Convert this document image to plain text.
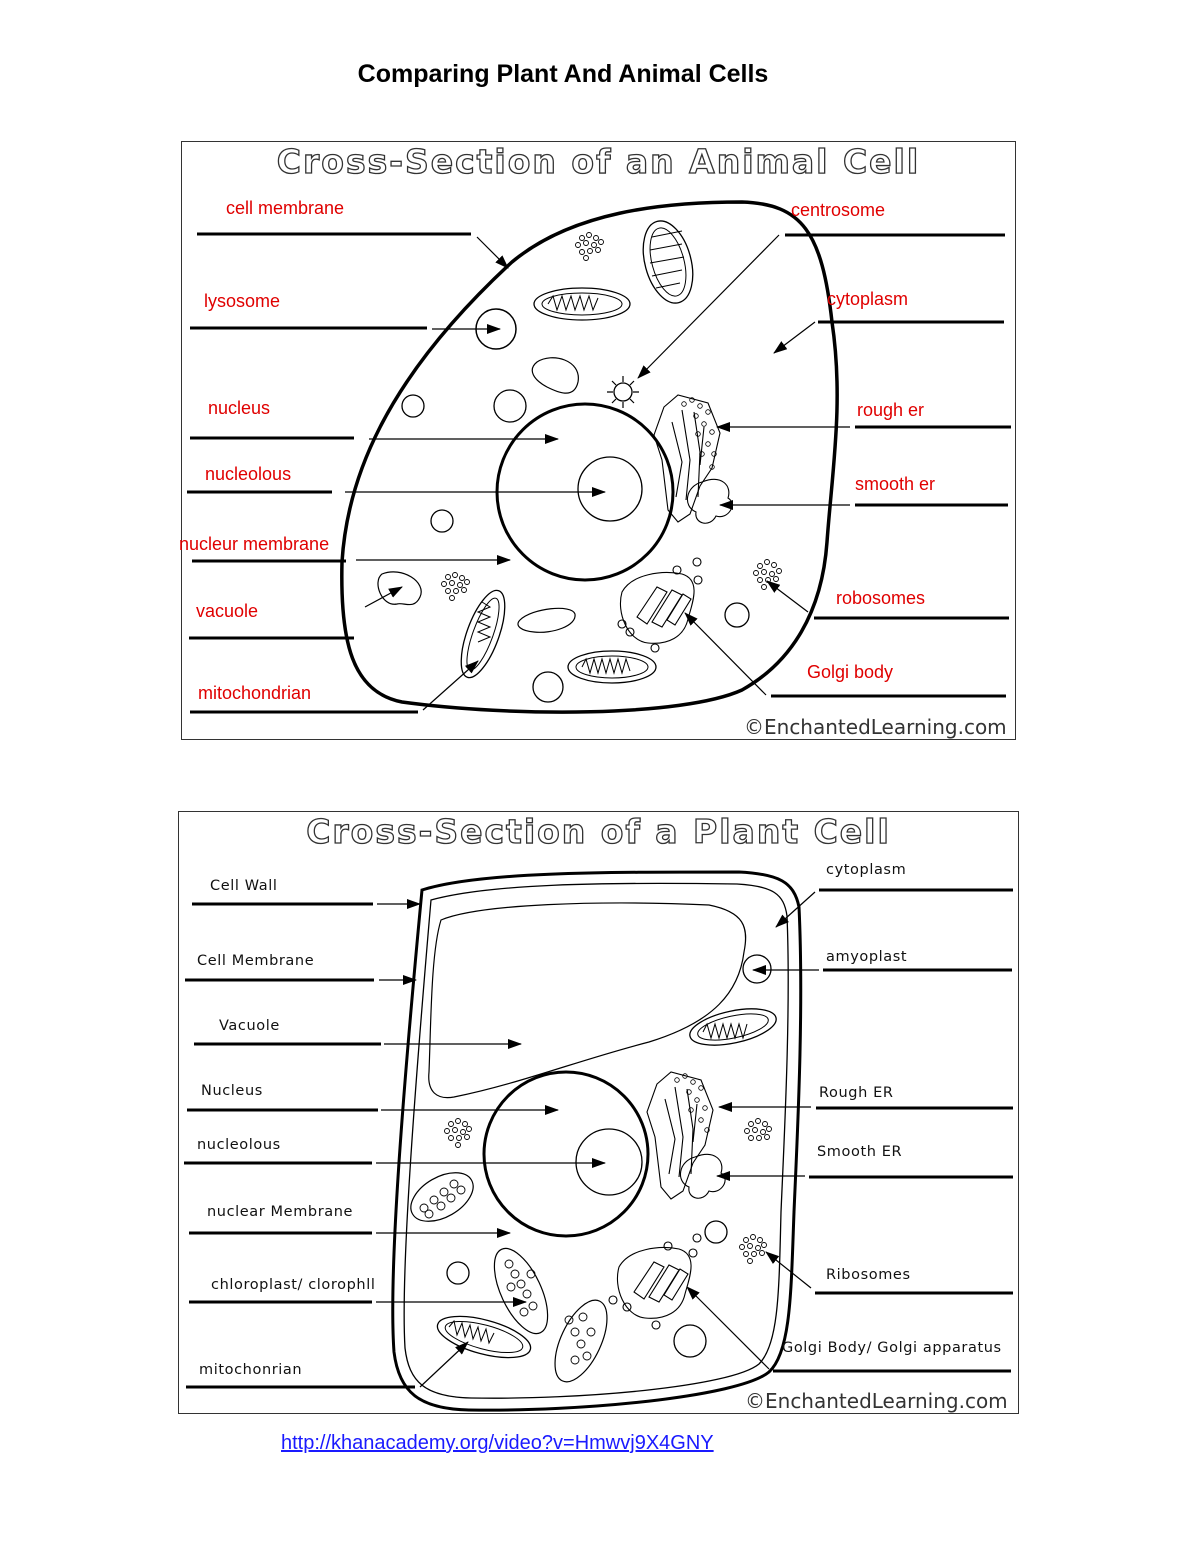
Comparing Plant And Animal Cells
Cross-Section of an Animal Cell
cell membrane
lysosome
nucleus
nucleolous
nucleur membrane
vacuole
mitochondrian
centrosome
cytoplasm
rough er
smooth er
robosomes
Golgi body
©EnchantedLearning.com
Cross-Section of a Plant Cell
Cell Wall
Cell Membrane
Vacuole
Nucleus
nucleolous
nuclear Membrane
chloroplast/ clorophll
mitochonrian
cytoplasm
amyoplast
Rough ER
Smooth ER
Ribosomes
Golgi Body/ Golgi apparatus
©EnchantedLearning.com
http://khanacademy.org/video?v=Hmwvj9X4GNY
